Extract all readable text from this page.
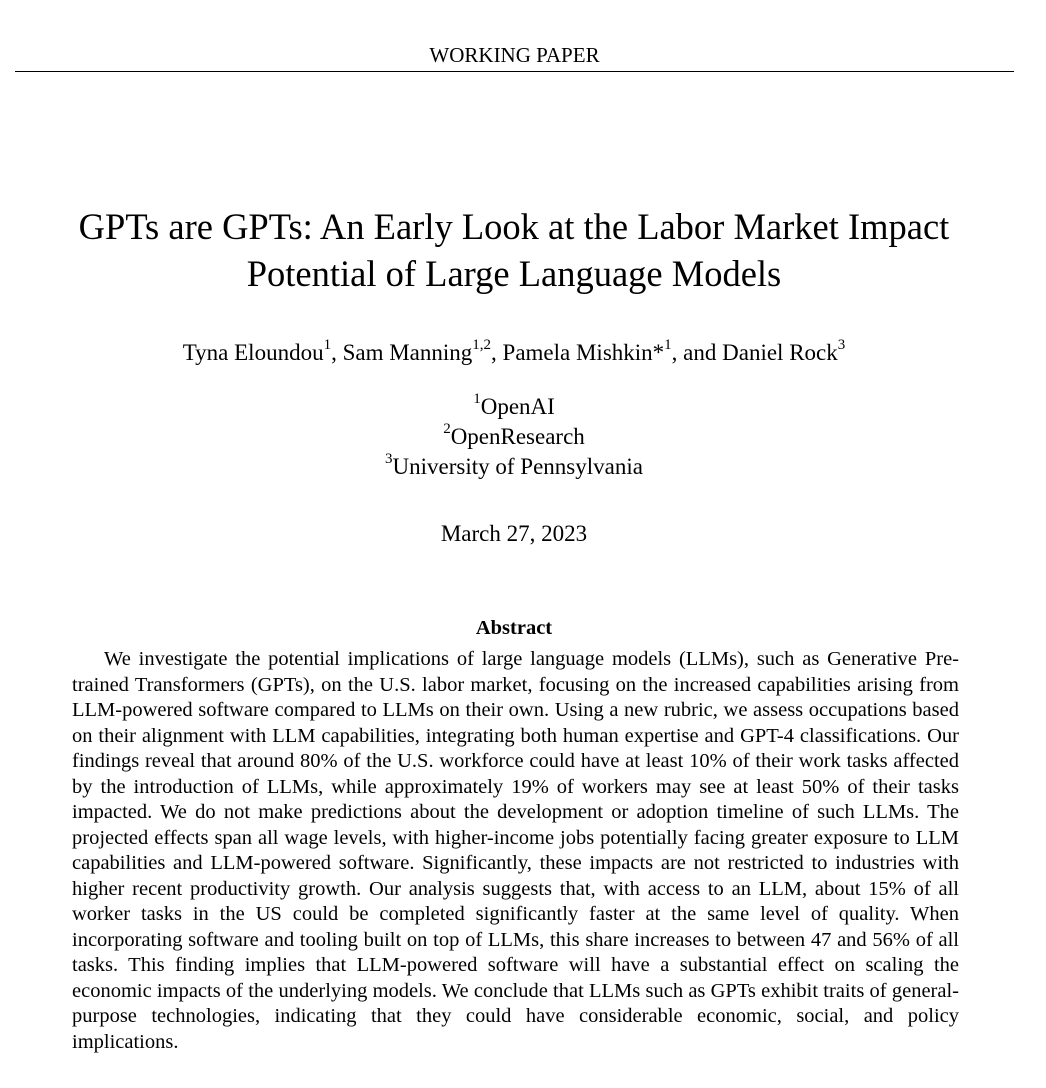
WORKING PAPER
GPTs are GPTs: An Early Look at the Labor Market Impact
Potential of Large Language Models
Tyna Eloundou$^1$, Sam Manning$^{1,2}$, Pamela Mishkin*$^1$, and Daniel Rock$^3$
$^1$OpenAI
$^2$OpenResearch
$^3$University of Pennsylvania
March 27, 2023
Abstract
We investigate the potential implications of large language models (LLMs), such as Generative Pre-trained Transformers (GPTs), on the U.S. labor market, focusing on the increased capabilities arising from LLM-powered software compared to LLMs on their own. Using a new rubric, we assess occupations based on their alignment with LLM capabilities, integrating both human expertise and GPT-4 classifications. Our findings reveal that around 80% of the U.S. workforce could have at least 10% of their work tasks affected by the introduction of LLMs, while approximately 19% of workers may see at least 50% of their tasks impacted. We do not make predictions about the development or adoption timeline of such LLMs. The projected effects span all wage levels, with higher-income jobs potentially facing greater exposure to LLM capabilities and LLM-powered software. Significantly, these impacts are not restricted to industries with higher recent productivity growth. Our analysis suggests that, with access to an LLM, about 15% of all worker tasks in the US could be completed significantly faster at the same level of quality. When incorporating software and tooling built on top of LLMs, this share increases to between 47 and 56% of all tasks. This finding implies that LLM-powered software will have a substantial effect on scaling the economic impacts of the underlying models. We conclude that LLMs such as GPTs exhibit traits of general-purpose technologies, indicating that they could have considerable economic, social, and policy implications.
